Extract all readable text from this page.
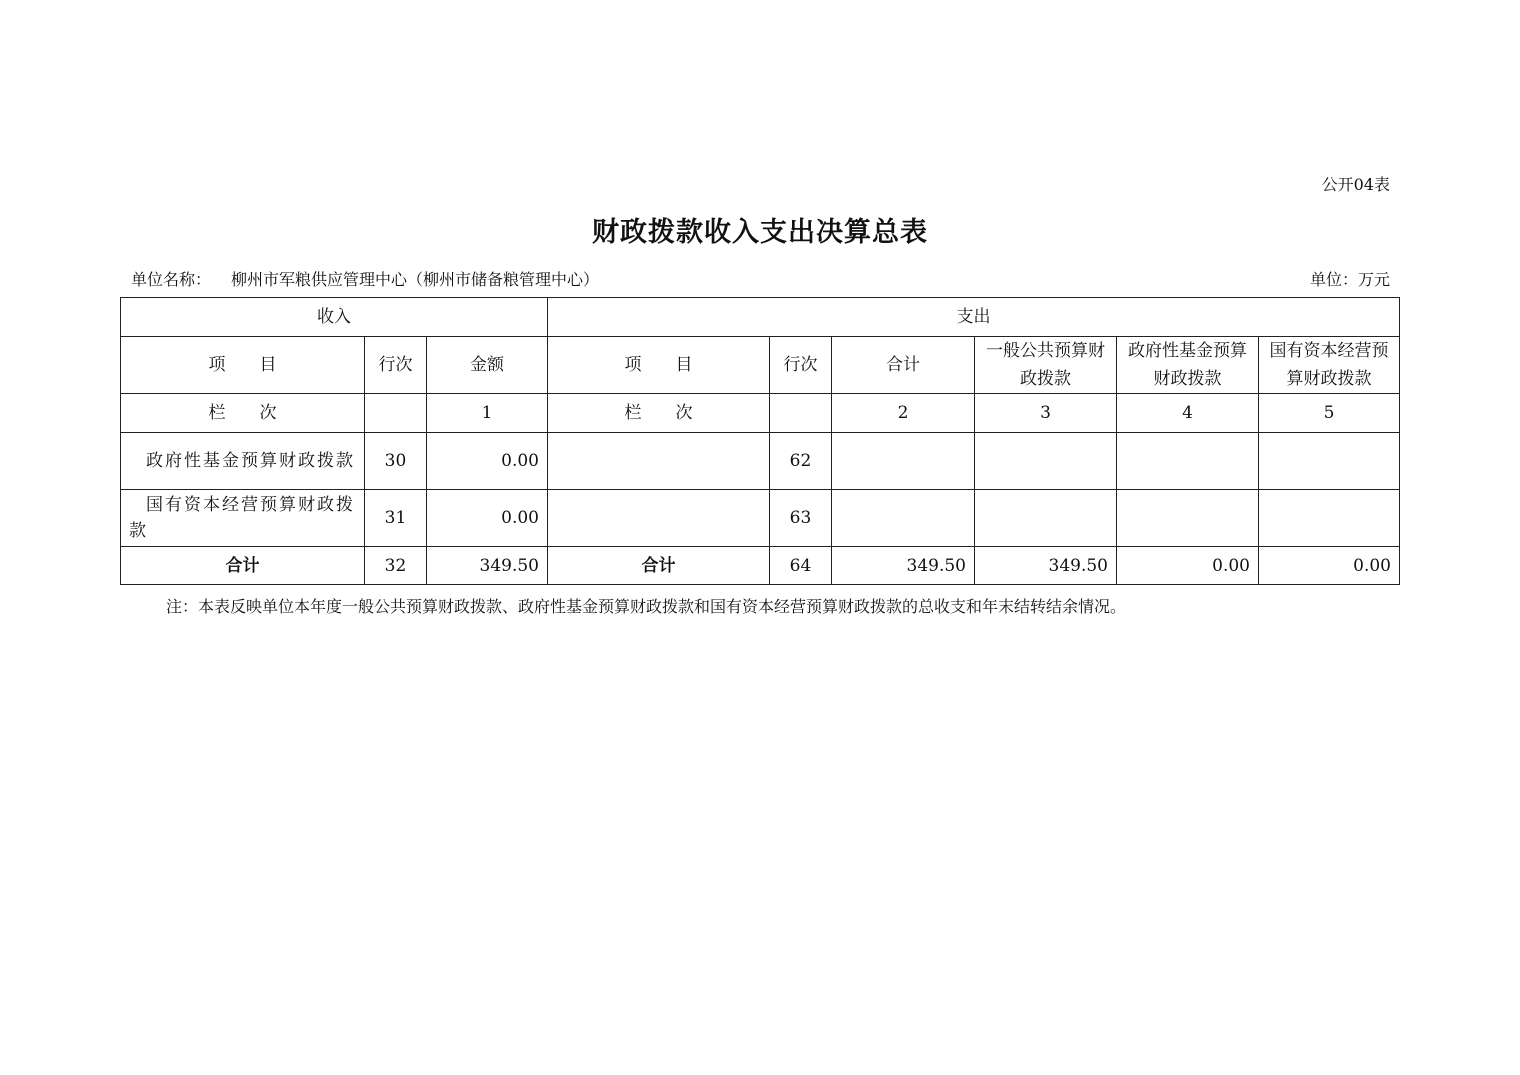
公开04表
财政拨款收入支出决算总表
单位名称： 柳州市军粮供应管理中心（柳州市储备粮管理中心）	单位：万元
收入			支出					
项　　目	行次	金额	项　　目	行次	合计	一般公共预算财政拨款	政府性基金预算财政拨款	国有资本经营预算财政拨款
栏　　次		1	栏　　次		2	3	4	5
政府性基金预算财政拨款	30	0.00		62				
国有资本经营预算财政拨款	31	0.00		63				
合计	32	349.50	合计	64	349.50	349.50	0.00	0.00
注：本表反映单位本年度一般公共预算财政拨款、政府性基金预算财政拨款和国有资本经营预算财政拨款的总收支和年末结转结余情况。
